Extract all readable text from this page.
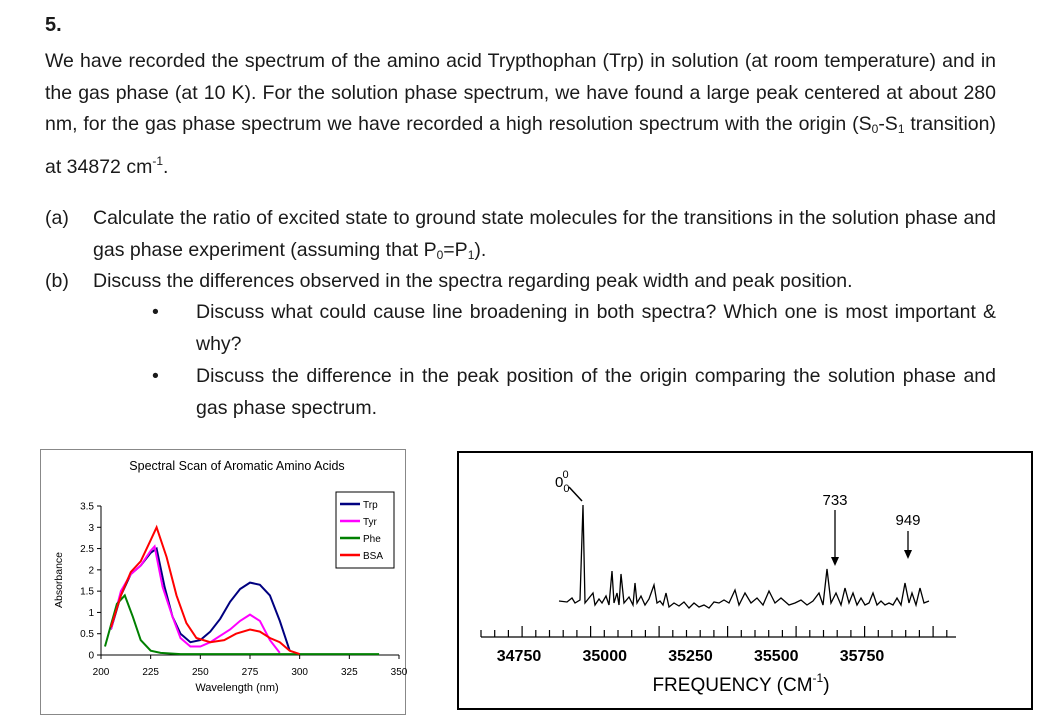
5.
We have recorded the spectrum of the amino acid Trypthophan (Trp) in solution (at room temperature) and in the gas phase (at 10 K). For the solution phase spectrum, we have found a large peak centered at about 280 nm, for the gas phase spectrum we have recorded a high resolution spectrum with the origin ($S_0-S_1$ transition) at 34872 $cm^{-1}$.
(a) Calculate the ratio of excited state to ground state molecules for the transitions in the solution phase and gas phase experiment (assuming that $P_0=P_1$).
(b) Discuss the differences observed in the spectra regarding peak width and peak position.
• Discuss what could cause line broadening in both spectra? Which one is most important & why?
• Discuss the difference in the peak position of the origin comparing the solution phase and gas phase spectrum.
Spectral Scan of Aromatic Amino Acids
0
0.5
1
1.5
2
2.5
3
3.5
200	225	250	275	300	325	350
Wavelength (nm)
Absorbance
Trp
Tyr
Phe
BSA
34750	35000	35250	35500	35750
FREQUENCY $(CM^{-1})$
$0_00$
733
949
